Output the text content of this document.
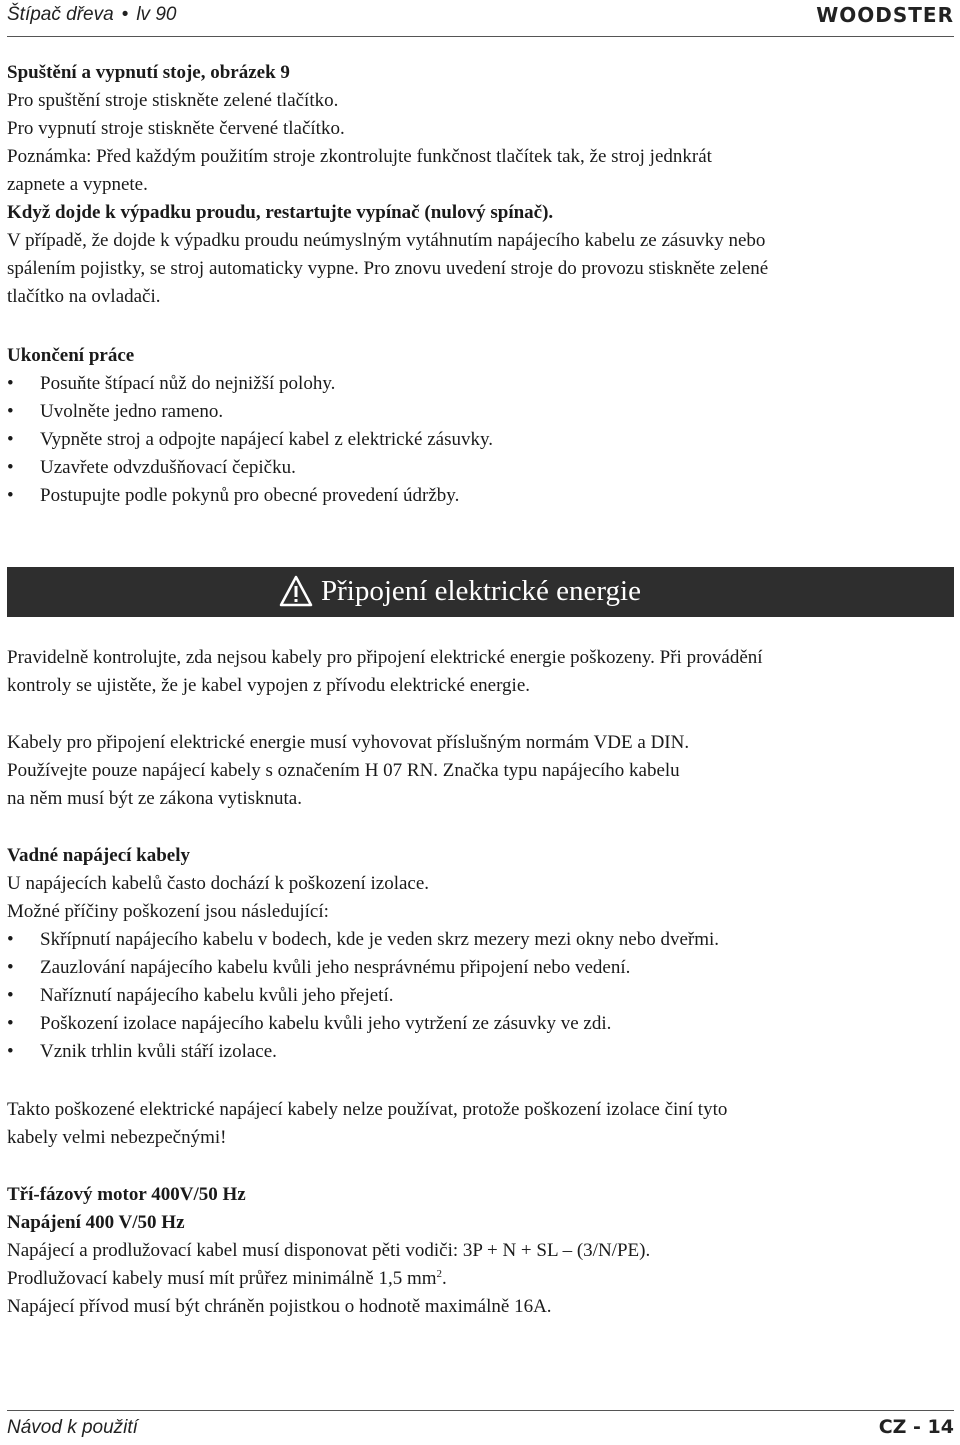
Štípač dřeva • lv 90	WOODSTER
Spuštění a vypnutí stoje, obrázek 9
Pro spuštění stroje stiskněte zelené tlačítko.
Pro vypnutí stroje stiskněte červené tlačítko.
Poznámka: Před každým použitím stroje zkontrolujte funkčnost tlačítek tak, že stroj jednkrát
zapnete a vypnete.
Když dojde k výpadku proudu, restartujte vypínač (nulový spínač).
V případě, že dojde k výpadku proudu neúmyslným vytáhnutím napájecího kabelu ze zásuvky nebo
spálením pojistky, se stroj automaticky vypne. Pro znovu uvedení stroje do provozu stiskněte zelené
tlačítko na ovladači.
Ukončení práce
• Posuňte štípací nůž do nejnižší polohy.
• Uvolněte jedno rameno.
• Vypněte stroj a odpojte napájecí kabel z elektrické zásuvky.
• Uzavřete odvzdušňovací čepičku.
• Postupujte podle pokynů pro obecné provedení údržby.
Připojení elektrické energie
Pravidelně kontrolujte, zda nejsou kabely pro připojení elektrické energie poškozeny. Při provádění
kontroly se ujistěte, že je kabel vypojen z přívodu elektrické energie.
Kabely pro připojení elektrické energie musí vyhovovat příslušným normám VDE a DIN.
Používejte pouze napájecí kabely s označením H 07 RN. Značka typu napájecího kabelu
na něm musí být ze zákona vytisknuta.
Vadné napájecí kabely
U napájecích kabelů často dochází k poškození izolace.
Možné příčiny poškození jsou následující:
• Skřípnutí napájecího kabelu v bodech, kde je veden skrz mezery mezi okny nebo dveřmi.
• Zauzlování napájecího kabelu kvůli jeho nesprávnému připojení nebo vedení.
• Naříznutí napájecího kabelu kvůli jeho přejetí.
• Poškození izolace napájecího kabelu kvůli jeho vytržení ze zásuvky ve zdi.
• Vznik trhlin kvůli stáří izolace.
Takto poškozené elektrické napájecí kabely nelze používat, protože poškození izolace činí tyto
kabely velmi nebezpečnými!
Tří-fázový motor 400V/50 Hz
Napájení 400 V/50 Hz
Napájecí a prodlužovací kabel musí disponovat pěti vodiči: 3P + N + SL – (3/N/PE).
Prodlužovací kabely musí mít průřez minimálně 1,5 $mm^2$.
Napájecí přívod musí být chráněn pojistkou o hodnotě maximálně 16A.
Návod k použití	CZ - 14
